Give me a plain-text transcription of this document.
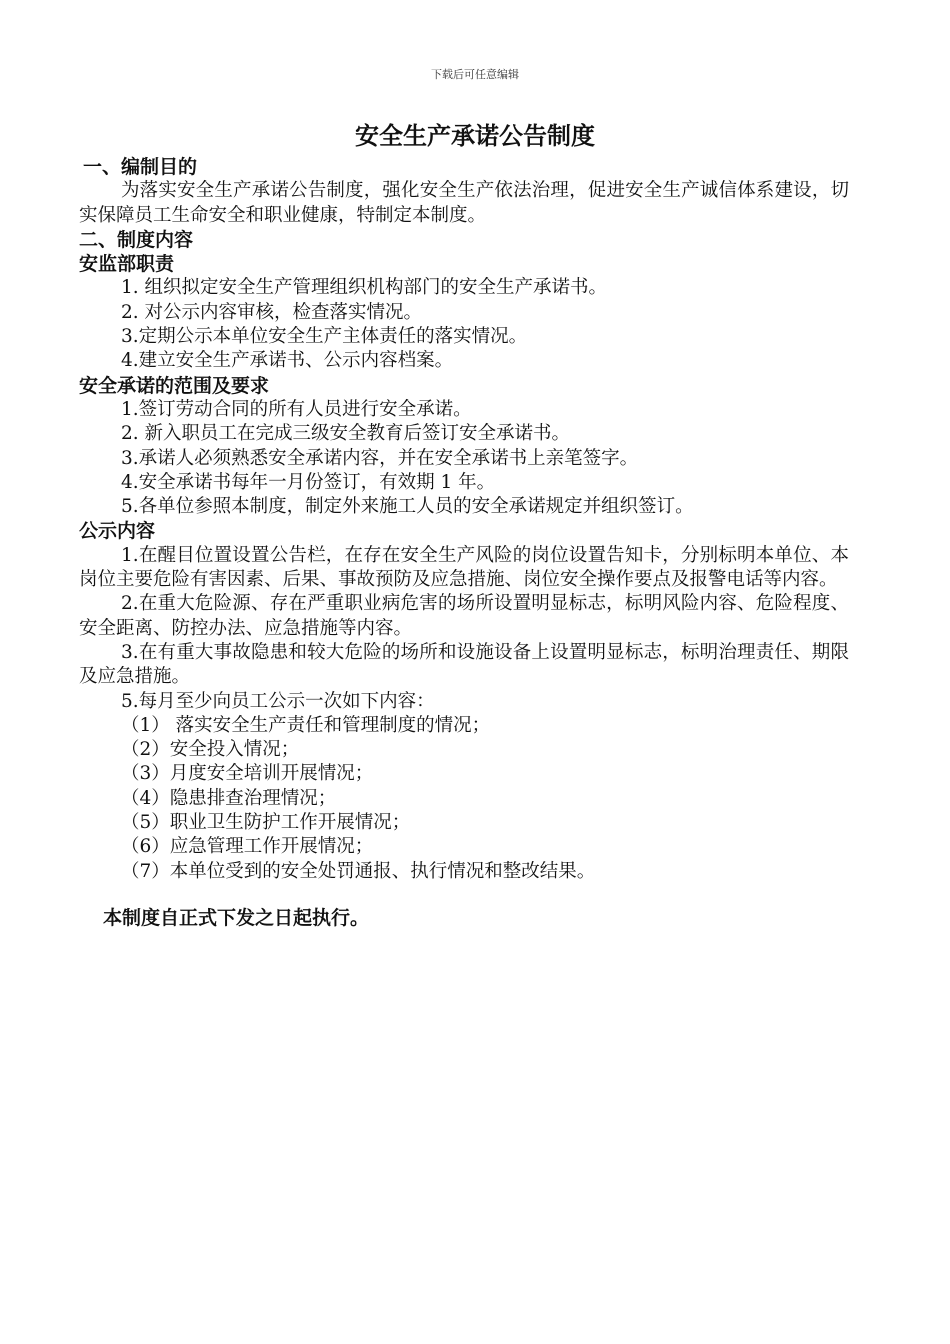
下载后可任意编辑
安全生产承诺公告制度

一、编制目的

为落实安全生产承诺公告制度，强化安全生产依法治理，促进安全生产诚信体系建设，切实保障员工生命安全和职业健康，特制定本制度。

二、制度内容

安监部职责

1. 组织拟定安全生产管理组织机构部门的安全生产承诺书。

2. 对公示内容审核，检查落实情况。

3.定期公示本单位安全生产主体责任的落实情况。

4.建立安全生产承诺书、公示内容档案。

安全承诺的范围及要求

1.签订劳动合同的所有人员进行安全承诺。

2. 新入职员工在完成三级安全教育后签订安全承诺书。

3.承诺人必须熟悉安全承诺内容，并在安全承诺书上亲笔签字。

4.安全承诺书每年一月份签订，有效期 1 年。

5.各单位参照本制度，制定外来施工人员的安全承诺规定并组织签订。

公示内容

1.在醒目位置设置公告栏，在存在安全生产风险的岗位设置告知卡，分别标明本单位、本岗位主要危险有害因素、后果、事故预防及应急措施、岗位安全操作要点及报警电话等内容。

2.在重大危险源、存在严重职业病危害的场所设置明显标志，标明风险内容、危险程度、安全距离、防控办法、应急措施等内容。

3.在有重大事故隐患和较大危险的场所和设施设备上设置明显标志，标明治理责任、期限及应急措施。

5.每月至少向员工公示一次如下内容：

（1） 落实安全生产责任和管理制度的情况；

（2）安全投入情况；

（3）月度安全培训开展情况；

（4）隐患排查治理情况；

（5）职业卫生防护工作开展情况；

（6）应急管理工作开展情况；

（7）本单位受到的安全处罚通报、执行情况和整改结果。

本制度自正式下发之日起执行。
